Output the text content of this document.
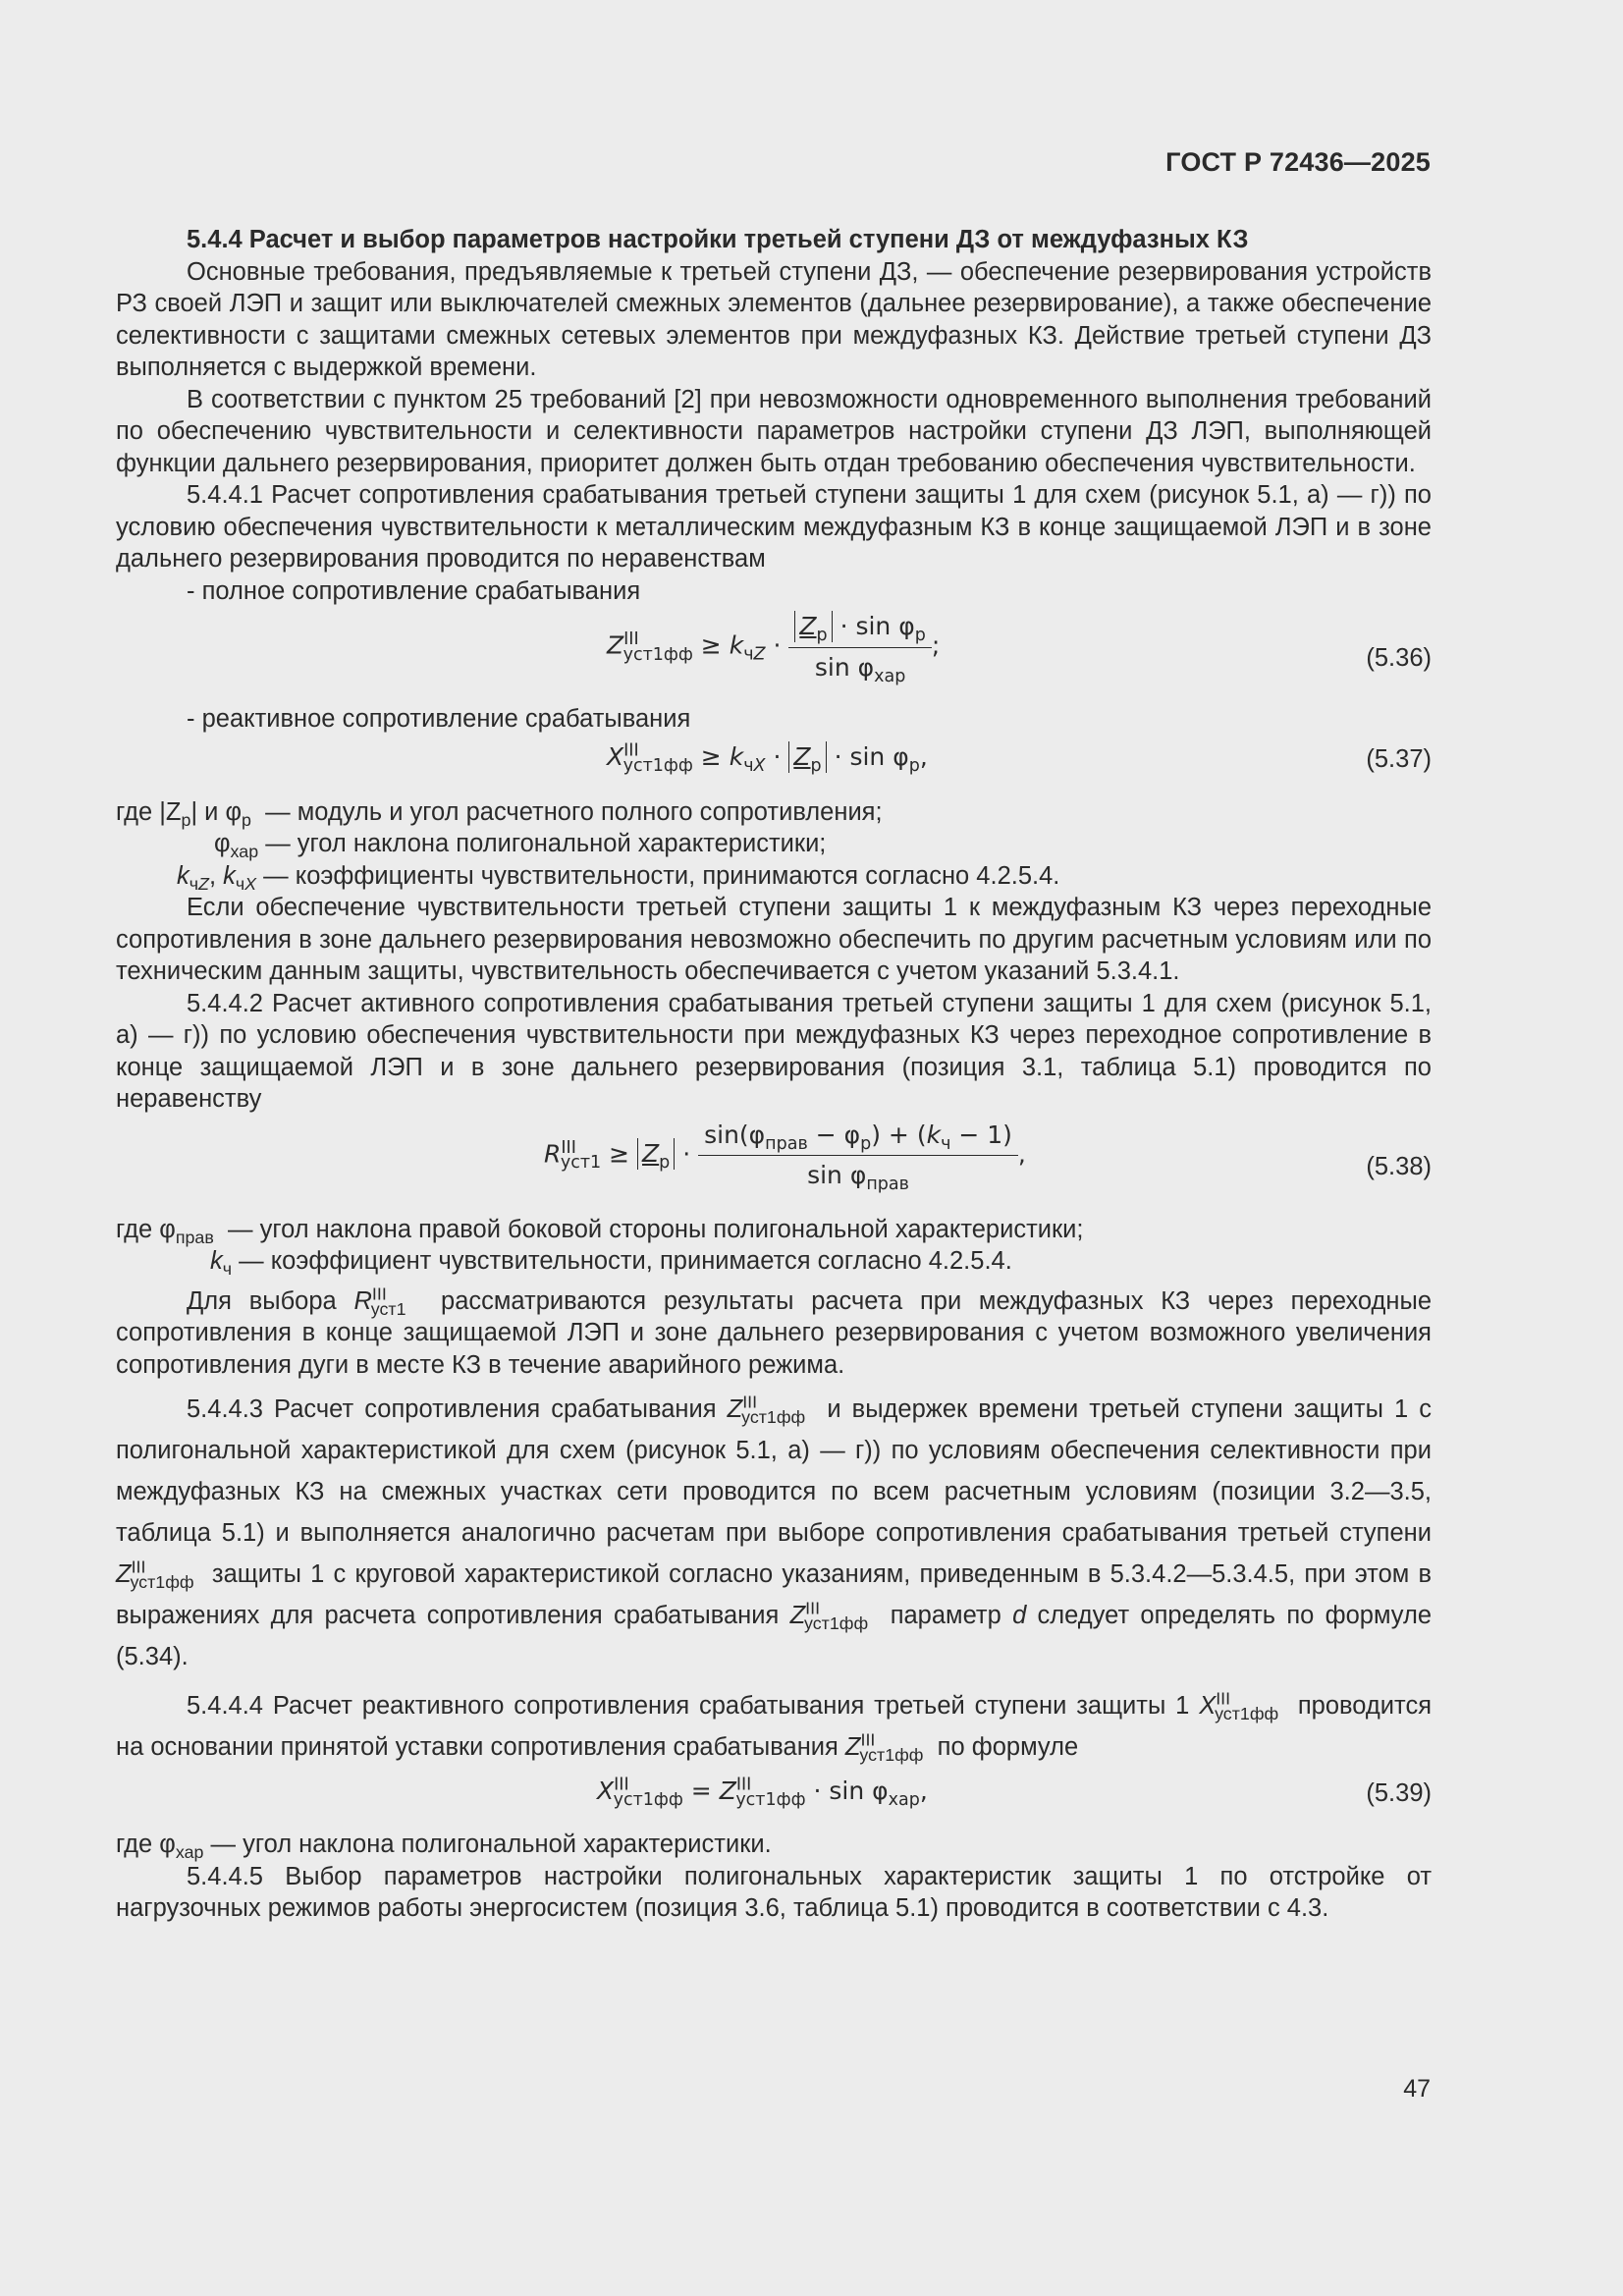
ГОСТ Р 72436—2025

5.4.4 Расчет и выбор параметров настройки третьей ступени ДЗ от междуфазных КЗ

Основные требования, предъявляемые к третьей ступени ДЗ, — обеспечение резервирования устройств РЗ своей ЛЭП и защит или выключателей смежных элементов (дальнее резервирование), а также обеспечение селективности с защитами смежных сетевых элементов при междуфазных КЗ. Действие третьей ступени ДЗ выполняется с выдержкой времени.

В соответствии с пунктом 25 требований [2] при невозможности одновременного выполнения требований по обеспечению чувствительности и селективности параметров настройки ступени ДЗ ЛЭП, выполняющей функции дальнего резервирования, приоритет должен быть отдан требованию обеспечения чувствительности.

5.4.4.1 Расчет сопротивления срабатывания третьей ступени защиты 1 для схем (рисунок 5.1, а) — г)) по условию обеспечения чувствительности к металлическим междуфазным КЗ в конце защищаемой ЛЭП и в зоне дальнего резервирования проводится по неравенствам

- полное сопротивление срабатывания

$Z^{III}_{уст1фф} \ge k_{чZ} \cdot \frac{Z_р \cdot \sin \varphi_р}{\sin \varphi_{хар}}$ ;	(5.36)

- реактивное сопротивление срабатывания

$X^{III}_{уст1фф} \ge k_{чX} \cdot Z_р \cdot \sin \varphi_р$,	(5.37)

где $|Z_р|$ и $\varphi_р$ — модуль и угол расчетного полного сопротивления;

$\varphi_{хар}$ — угол наклона полигональной характеристики;

$k_{чZ}$, $k_{чX}$ — коэффициенты чувствительности, принимаются согласно 4.2.5.4.

Если обеспечение чувствительности третьей ступени защиты 1 к междуфазным КЗ через переходные сопротивления в зоне дальнего резервирования невозможно обеспечить по другим расчетным условиям или по техническим данным защиты, чувствительность обеспечивается с учетом указаний 5.3.4.1.

5.4.4.2 Расчет активного сопротивления срабатывания третьей ступени защиты 1 для схем (рисунок 5.1, а) — г)) по условию обеспечения чувствительности при междуфазных КЗ через переходное сопротивление в конце защищаемой ЛЭП и в зоне дальнего резервирования (позиция 3.1, таблица 5.1) проводится по неравенству

$R^{III}_{уст1} \ge Z_р \cdot \frac{\sin(\varphi_{прав} - \varphi_р) + (k_ч - 1)}{\sin \varphi_{прав}}$ ,	(5.38)

где $\varphi_{прав}$ — угол наклона правой боковой стороны полигональной характеристики;

$k_ч$ — коэффициент чувствительности, принимается согласно 4.2.5.4.

Для выбора $R^{III}_{уст1}$ рассматриваются результаты расчета при междуфазных КЗ через переходные сопротивления в конце защищаемой ЛЭП и зоне дальнего резервирования с учетом возможного увеличения сопротивления дуги в месте КЗ в течение аварийного режима.

5.4.4.3 Расчет сопротивления срабатывания $Z^{III}_{уст1фф}$ и выдержек времени третьей ступени защиты 1 с полигональной характеристикой для схем (рисунок 5.1, а) — г)) по условиям обеспечения селективности при междуфазных КЗ на смежных участках сети проводится по всем расчетным условиям (позиции 3.2—3.5, таблица 5.1) и выполняется аналогично расчетам при выборе сопротивления срабатывания третьей ступени $Z^{III}_{уст1фф}$ защиты 1 с круговой характеристикой согласно указаниям, приведенным в 5.3.4.2—5.3.4.5, при этом в выражениях для расчета сопротивления срабатывания $Z^{III}_{уст1фф}$ параметр d следует определять по формуле (5.34).

5.4.4.4 Расчет реактивного сопротивления срабатывания третьей ступени защиты 1 $X^{III}_{уст1фф}$ проводится на основании принятой уставки сопротивления срабатывания $Z^{III}_{уст1фф}$ по формуле

$X^{III}_{уст1фф} = Z^{III}_{уст1фф} \cdot \sin \varphi_{хар}$,	(5.39)

где $\varphi_{хар}$ — угол наклона полигональной характеристики.

5.4.4.5 Выбор параметров настройки полигональных характеристик защиты 1 по отстройке от нагрузочных режимов работы энергосистем (позиция 3.6, таблица 5.1) проводится в соответствии с 4.3.

47
